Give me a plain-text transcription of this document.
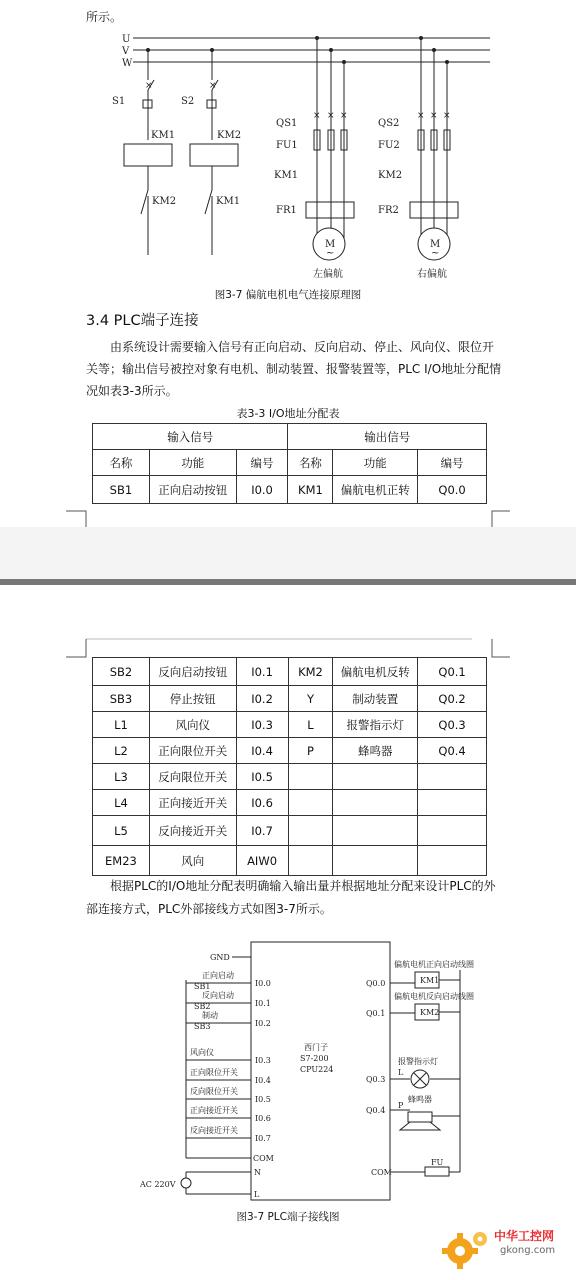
所示。
U
V
W
S1	S2
KM1	KM2
KM2	KM1
QS1
FU1
KM1
FR1
QS2
FU2
KM2
FR2
M
~
M
~
左偏航	右偏航
×	×
× × ×	× × ×
图3-7 偏航电机电气连接原理图
3.4 PLC端子连接
由系统设计需要输入信号有正向启动、反向启动、停止、风向仪、限位开
关等；输出信号被控对象有电机、制动装置、报警装置等，PLC I/O地址分配情
况如表3-3所示。
表3-3 I/O地址分配表
输入信号			输出信号		
名称	功能	编号	名称	功能	编号
SB1	正向启动按钮	I0.0	KM1	偏航电机正转	Q0.0
SB2	反向启动按钮	I0.1	KM2	偏航电机反转	Q0.1
SB3	停止按钮	I0.2	Y	制动装置	Q0.2
L1	风向仪	I0.3	L	报警指示灯	Q0.3
L2	正向限位开关	I0.4	P	蜂鸣器	Q0.4
L3	反向限位开关	I0.5			
L4	正向接近开关	I0.6			
L5	反向接近开关	I0.7			
EM23	风向	AIW0			
根据PLC的I/O地址分配表明确输入输出量并根据地址分配来设计PLC的外
部连接方式，PLC外部接线方式如图3-7所示。
GND
COM
N
L
AC 220V
西门子
S7-200
CPU224
Q0.0
偏航电机正向启动线圈
KM1
Q0.1
偏航电机反向启动线圈
KM2
Q0.3
报警指示灯
L
Q0.4
蜂鸣器
P
COM
FU
I0.0
正向启动
SB1
I0.1
反向启动
SB2
I0.2
制动
SB3
I0.3
风向仪
I0.4
正向限位开关
I0.5
反向限位开关
I0.6
正向接近开关
I0.7
反向接近开关
图3-7 PLC端子接线图
中华工控网
gkong.com
